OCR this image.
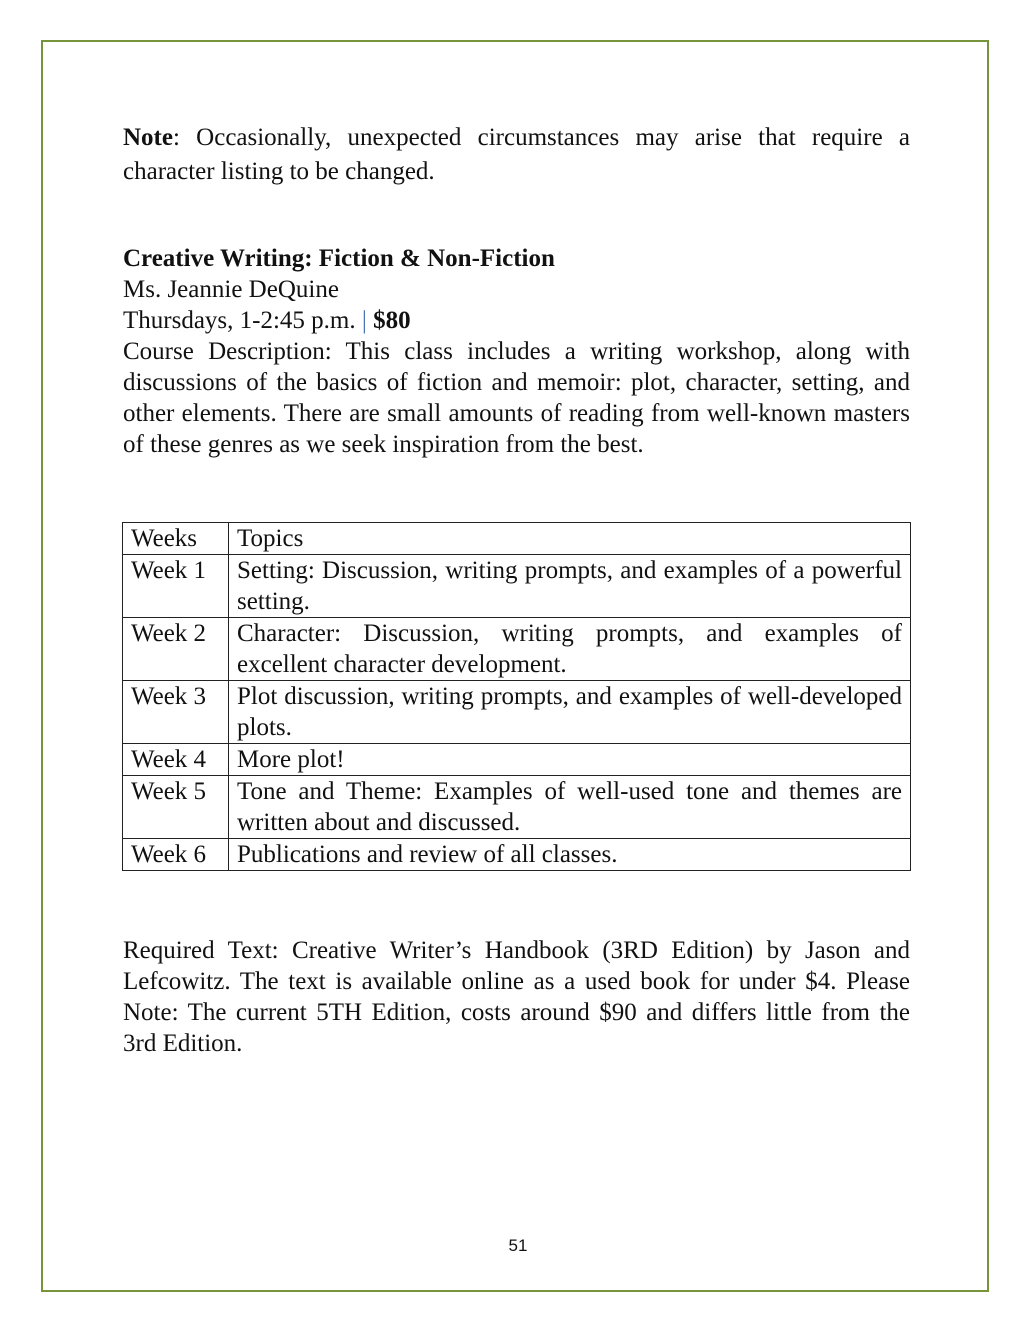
Note: Occasionally, unexpected circumstances may arise that require a character listing to be changed.

Creative Writing: Fiction & Non-Fiction
Ms. Jeannie DeQuine
Thursdays, 1-2:45 p.m. | $80
Course Description: This class includes a writing workshop, along with discussions of the basics of fiction and memoir: plot, character, setting, and other elements. There are small amounts of reading from well-known masters of these genres as we seek inspiration from the best.
Weeks	Topics
Week 1	Setting: Discussion, writing prompts, and examples of a powerful setting.
Week 2	Character: Discussion, writing prompts, and examples of excellent character development.
Week 3	Plot discussion, writing prompts, and examples of well-developed plots.
Week 4	More plot!
Week 5	Tone and Theme: Examples of well-used tone and themes are written about and discussed.
Week 6	Publications and review of all classes.
Required Text: Creative Writer’s Handbook (3RD Edition) by Jason and Lefcowitz. The text is available online as a used book for under $4. Please Note: The current 5TH Edition, costs around $90 and differs little from the 3rd Edition.
51
